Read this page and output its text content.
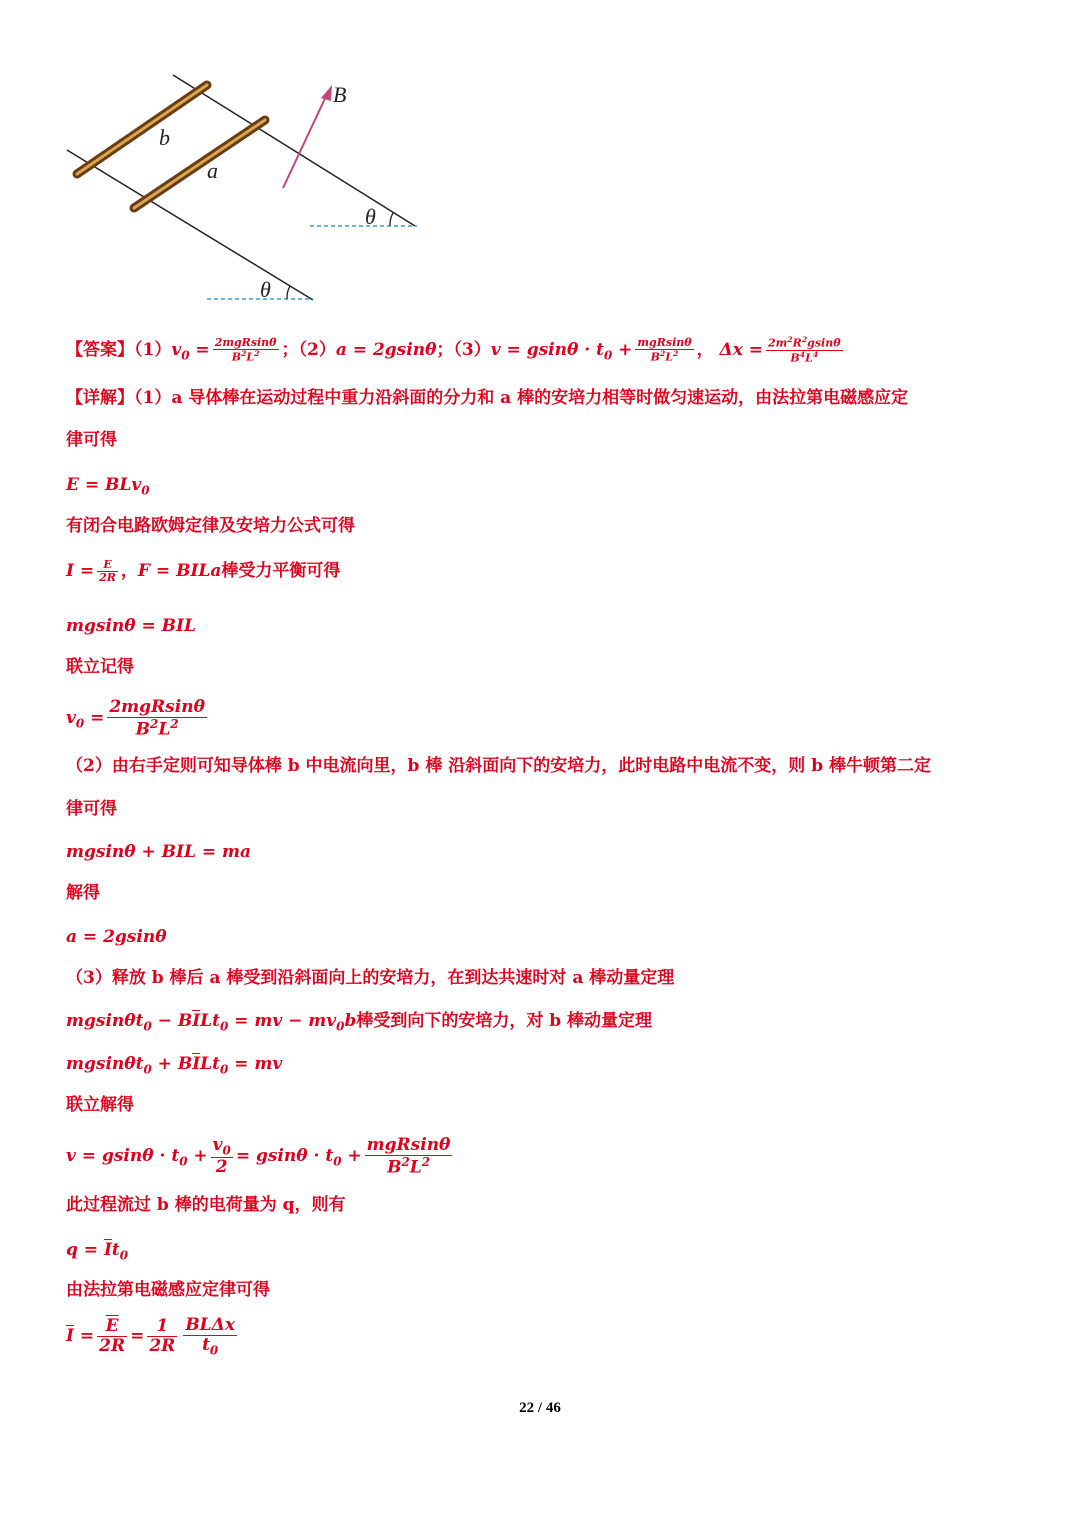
b
a
B
θ
θ
【答案】$(1)v_0 = \frac{\text{2mgRsinθ}}{B^2L^2}$ ；（2）a = 2gsinθ；$(3)v = gsin\theta \cdot t_0 + \frac{\text{mgRsinθ}}{B^2L^2}$ ， $\Delta x = \frac{2m^2R^2gsin\theta}{B^4L^4}$
【详解】（1）a 导体棒在运动过程中重力沿斜面的分力和 a 棒的安培力相等时做匀速运动，由法拉第电磁感应定
律可得
E = BLv$_0$
有闭合电路欧姆定律及安培力公式可得
$I = \frac{E}{2R}$ ，F = BILa棒受力平衡可得
mgsinθ = BIL
联立记得
$v_0 = \frac{\text{2mgRsinθ}}{B^2L^2}$
（2）由右手定则可知导体棒 b 中电流向里，b 棒 沿斜面向下的安培力，此时电路中电流不变，则 b 棒牛顿第二定
律可得
mgsinθ + BIL = ma
解得
a = 2gsinθ
（3）释放 b 棒后 a 棒受到沿斜面向上的安培力，在到达共速时对 a 棒动量定理
$mgsin\theta t_0 - B\overline{I}Lt_0$ = mv − $mv_0b$棒受到向下的安培力，对 b 棒动量定理
$mgsin\theta t_0 + B\overline{I}Lt_0$ = mv
联立解得
$v = gsin\theta \cdot t_0 + \frac{v_0}{2} = gsin\theta \cdot t_0 + \frac{\text{mgRsinθ}}{B^2L^2}$
此过程流过 b 棒的电荷量为 q，则有
$q = \overline{I}t_0$
由法拉第电磁感应定律可得
$\overline{I} = \frac{\overline{E}}{2R} = \frac{1}{2R} \frac{\text{BLΔx}}{t_0}$
22 / 46
